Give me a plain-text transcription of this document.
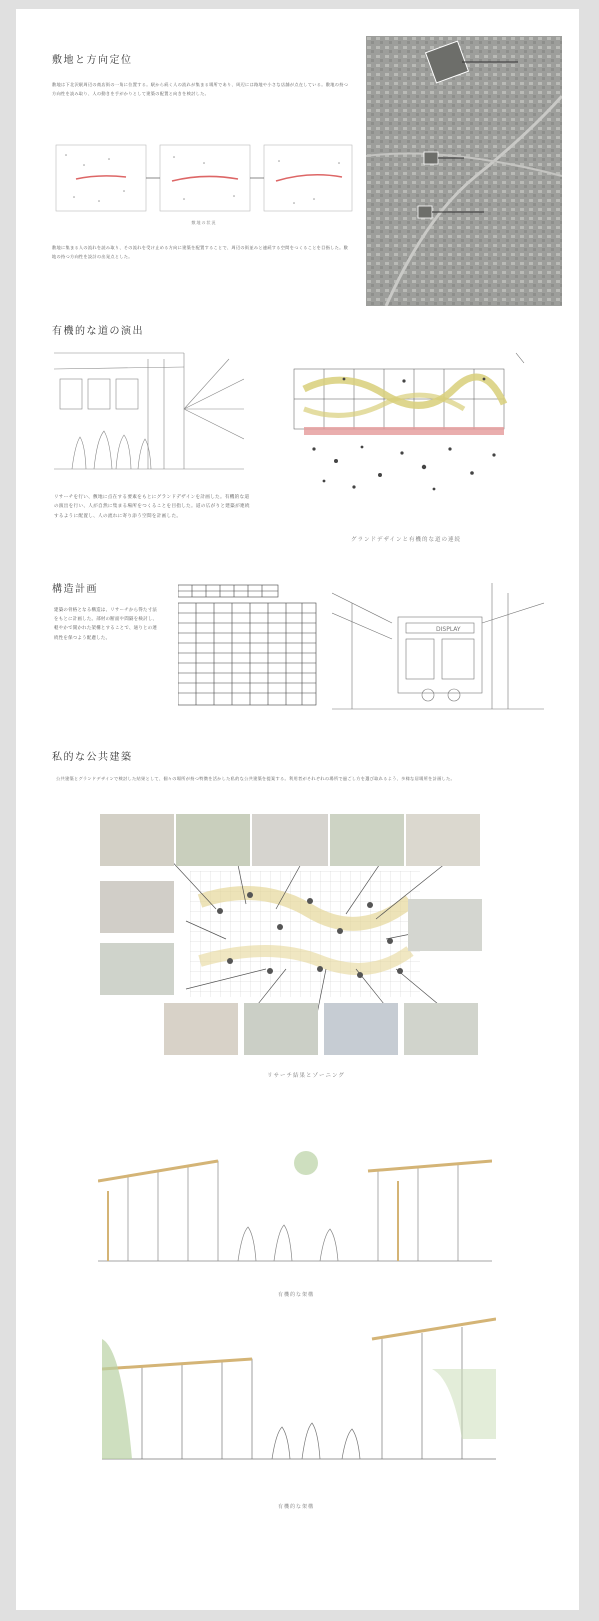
敷地と方向定位
敷地は下北沢駅周辺の商店街の一角に位置する。駅から続く人の流れが集まる場所であり、周辺には路地や小さな店舗が点在している。敷地の持つ方向性を読み取り、人の動きを手がかりとして建築の配置と向きを検討した。
敷地の状況
敷地に集まる人の流れを読み取り、その流れを受け止める方向に建築を配置することで、周辺の街並みと連続する空間をつくることを目指した。敷地の持つ方向性を設計の出発点とした。
有機的な道の演出
リサーチを行い、敷地に点在する要素をもとにグランドデザインを計画した。有機的な道の演出を行い、人が自然に集まる場所をつくることを目指した。道の広がりと建築が連続するように配置し、人の流れに寄り添う空間を計画した。
グランドデザインと有機的な道の連続
構造計画
建築の骨格となる構造は、リサーチから得た寸法をもとに計画した。部材の断面や間隔を検討し、軽やかで開かれた架構とすることで、通りとの連続性を保つよう配慮した。
DISPLAY
私的な公共建築
公共建築とグランドデザインで検討した結果として、個々の場所が持つ特徴を活かした私的な公共建築を提案する。利用者がそれぞれの場所で過ごし方を選び取れるよう、多様な居場所を計画した。
リサーチ結果とゾーニング
有機的な架構
有機的な架構
